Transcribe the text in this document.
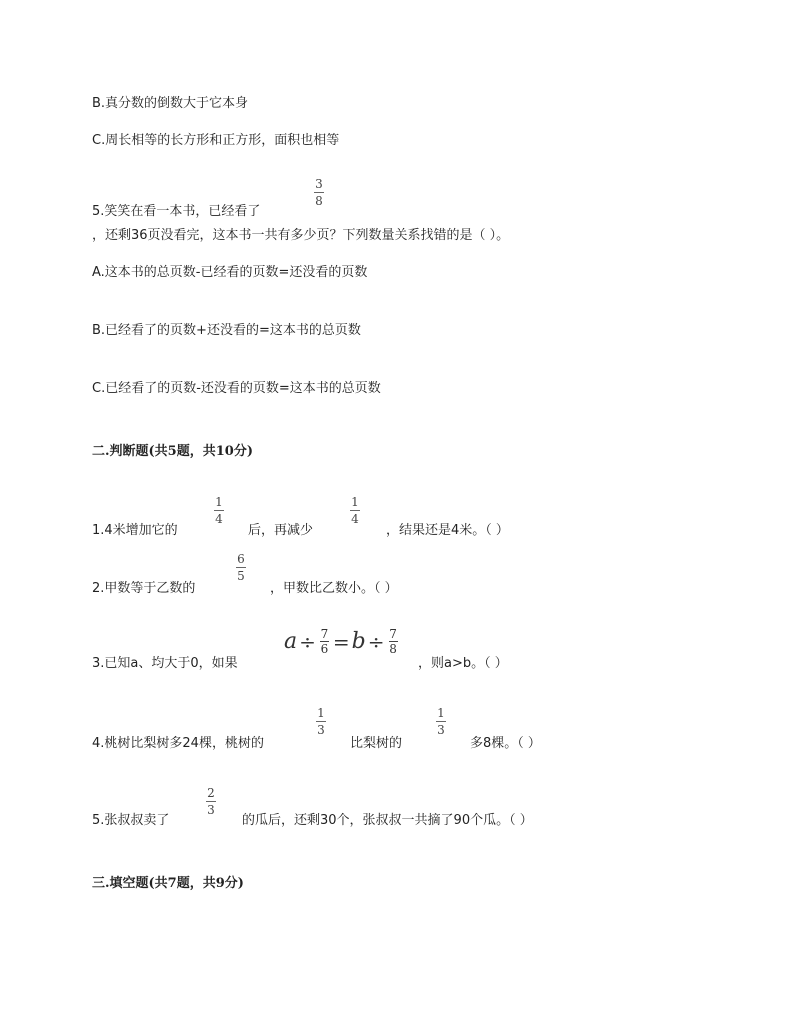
B.真分数的倒数大于它本身
C.周长相等的长方形和正方形，面积也相等
5.笑笑在看一本书，已经看了
3
8
，还剩36页没看完，这本书一共有多少页？下列数量关系找错的是（ ）。
A.这本书的总页数-已经看的页数=还没看的页数
B.已经看了的页数+还没看的=这本书的总页数
C.已经看了的页数-还没看的页数=这本书的总页数
二.判断题(共5题，共10分)
1.4米增加它的
1
4
后，再减少
1
4
，结果还是4米。（ ）
2.甲数等于乙数的
6
5
，甲数比乙数小。（ ）
3.已知a、均大于0，如果
a ÷ 7
6 = b ÷ 7
8
，则a>b。（ ）
4.桃树比梨树多24棵，桃树的
1
3
比梨树的
1
3
多8棵。（ ）
5.张叔叔卖了
2
3
的瓜后，还剩30个，张叔叔一共摘了90个瓜。（ ）
三.填空题(共7题，共9分)
